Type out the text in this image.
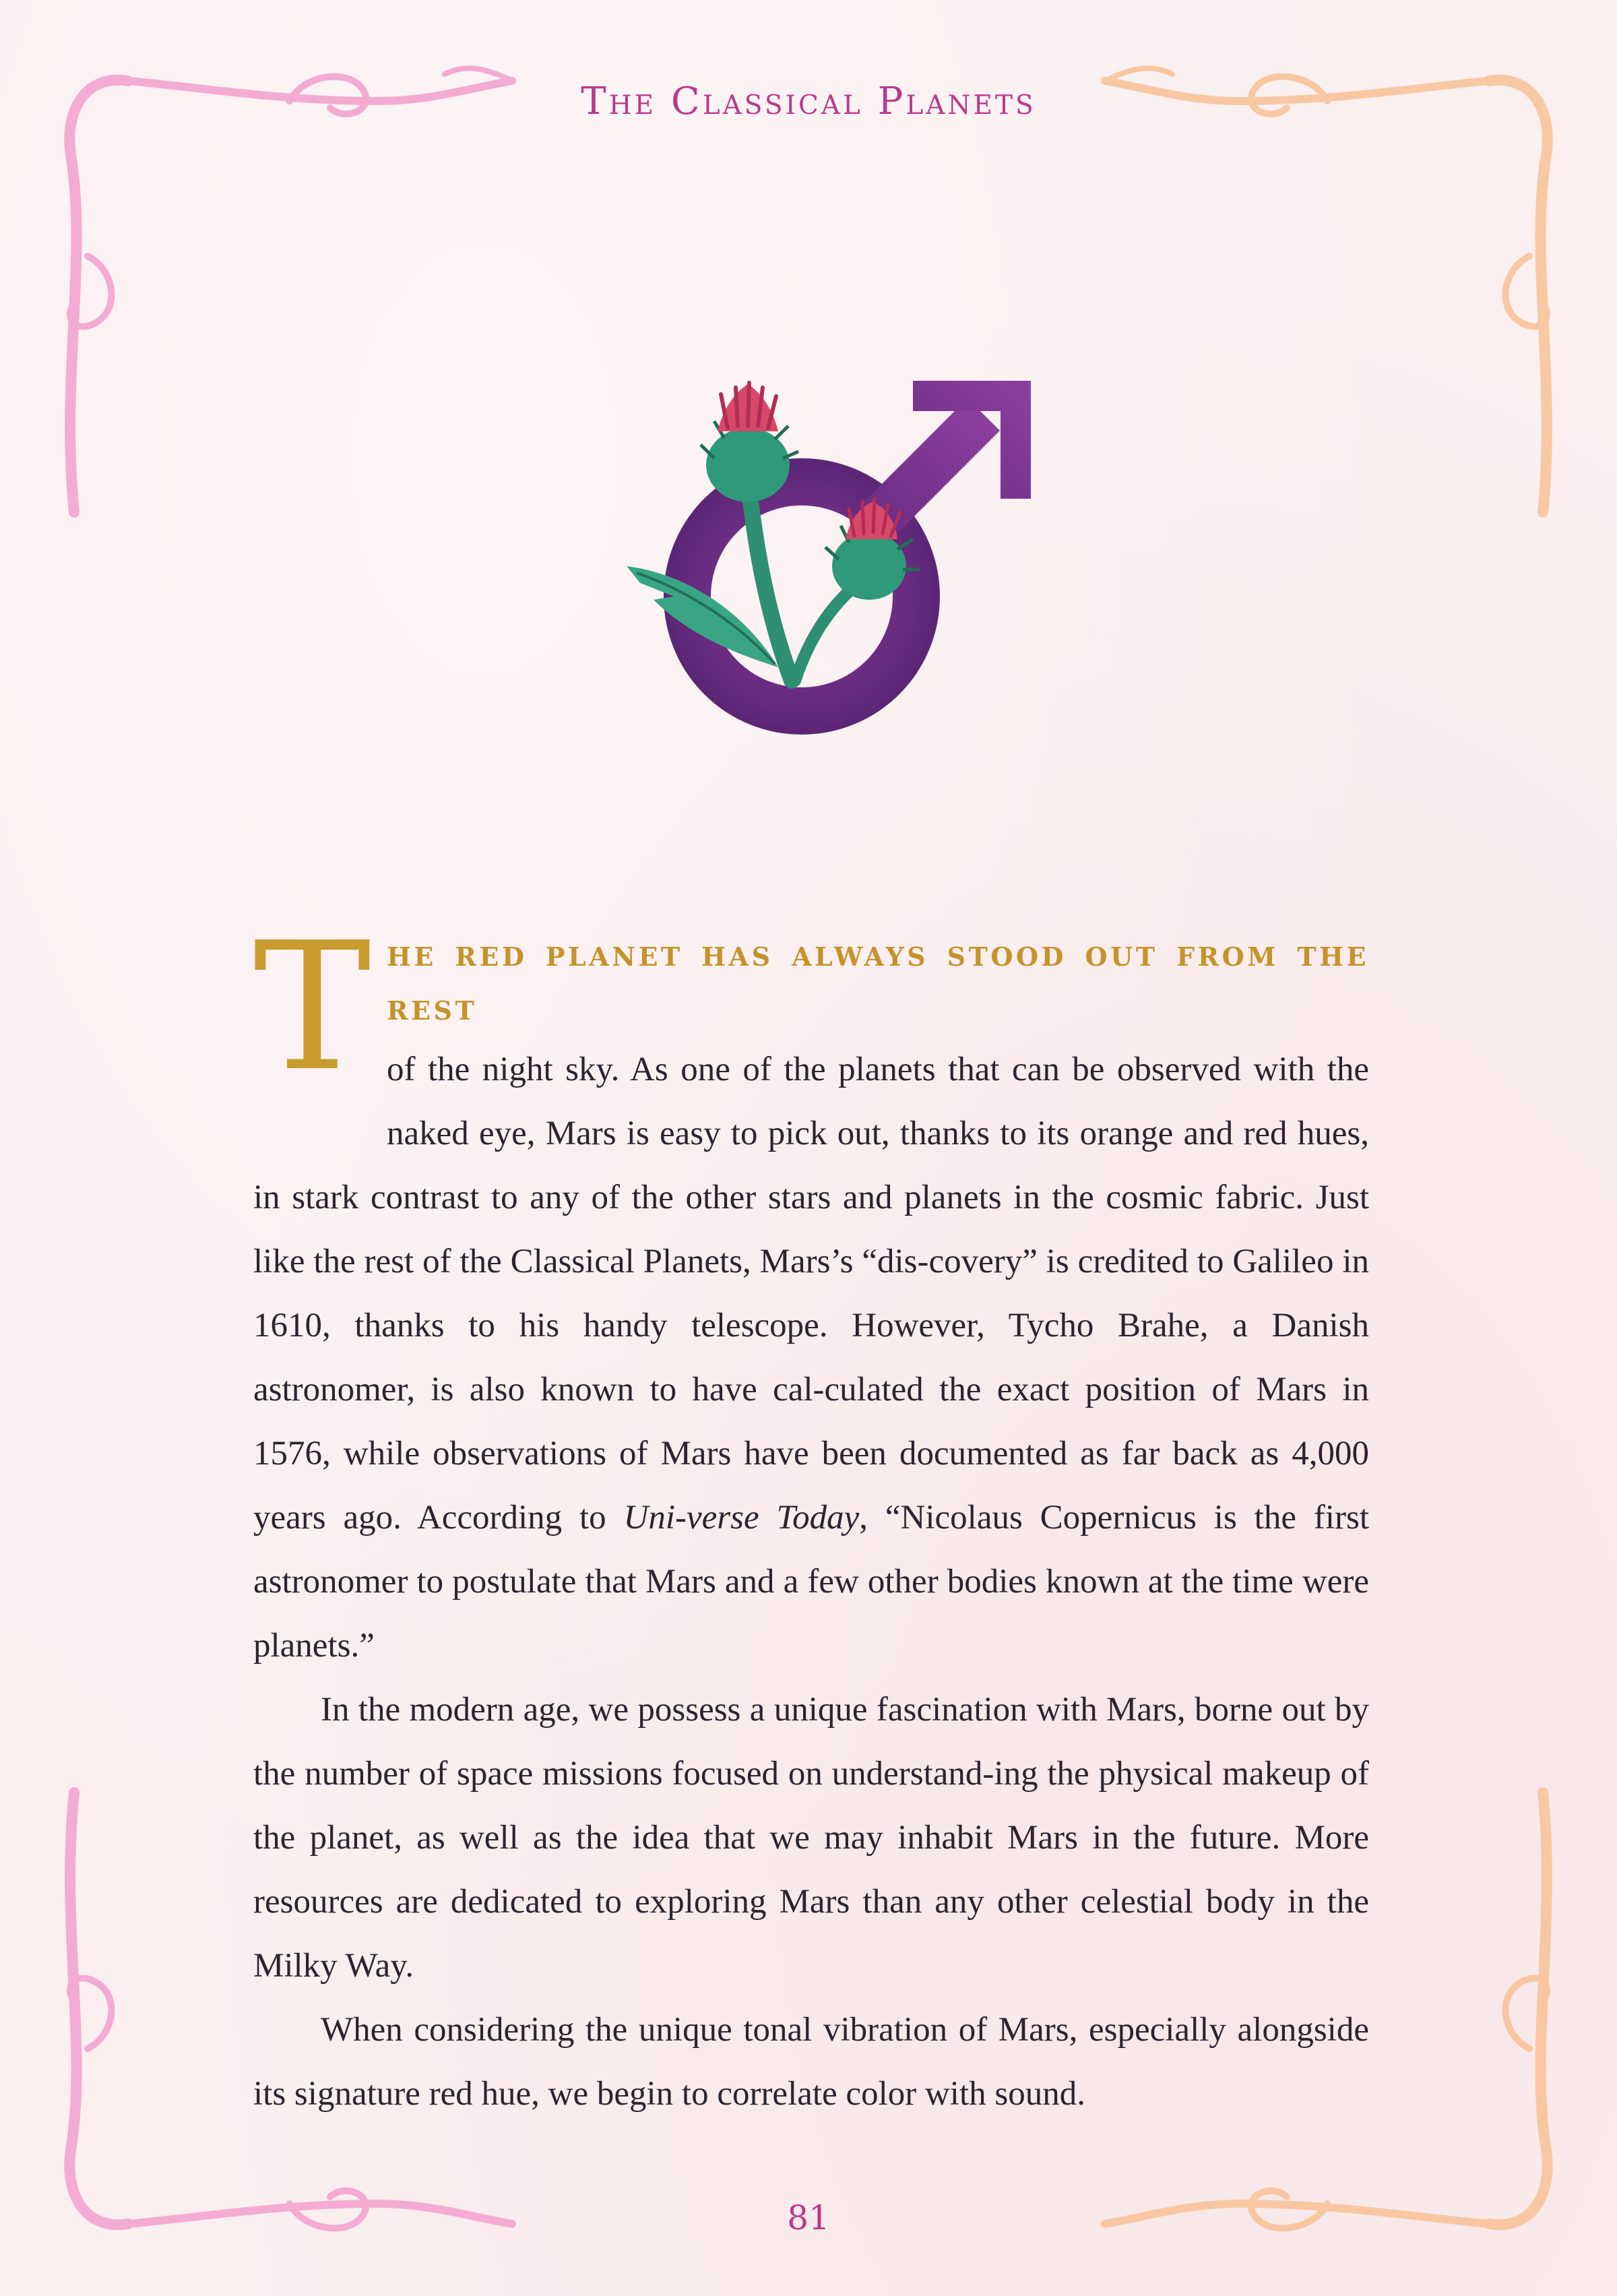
The Classical Planets

T HE RED PLANET HAS ALWAYS STOOD OUT FROM THE REST
of the night sky. As one of the planets that can be observed with the naked eye, Mars is easy to pick out, thanks to its orange and red hues, in stark contrast to any of the other stars and planets in the cosmic fabric. Just like the rest of the Classical Planets, Mars’s “dis-covery” is credited to Galileo in 1610, thanks to his handy telescope. However, Tycho Brahe, a Danish astronomer, is also known to have cal-culated the exact position of Mars in 1576, while observations of Mars have been documented as far back as 4,000 years ago. According to Uni-verse Today, “Nicolaus Copernicus is the first astronomer to postulate that Mars and a few other bodies known at the time were planets.”

In the modern age, we possess a unique fascination with Mars, borne out by the number of space missions focused on understand-ing the physical makeup of the planet, as well as the idea that we may inhabit Mars in the future. More resources are dedicated to exploring Mars than any other celestial body in the Milky Way.

When considering the unique tonal vibration of Mars, especially alongside its signature red hue, we begin to correlate color with sound.

81
